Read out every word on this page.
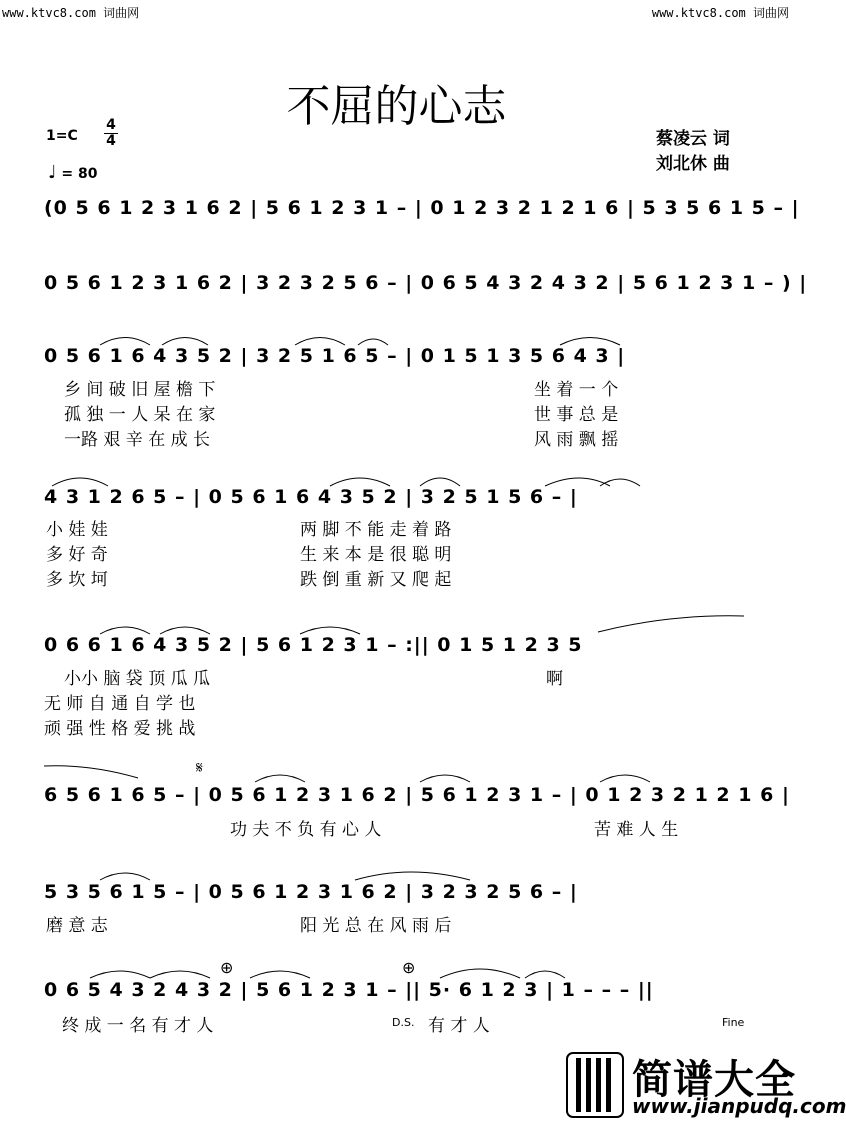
www.ktvc8.com 词曲网	www.ktvc8.com 词曲网
不屈的心志
1=C
4
4
♩ = 80
蔡凌云 词
刘北休 曲
(0 5 6 1 2 3 1 6 2 | 5 6 1 2 3 1 – | 0 1 2 3 2 1 2 1 6 | 5 3 5 6 1 5 – |
0 5 6 1 2 3 1 6 2 | 3 2 3 2 5 6 – | 0 6 5 4 3 2 4 3 2 | 5 6 1 2 3 1 – ) |
0 5 6 1 6 4 3 5 2 | 3 2 5 1 6 5 – | 0 1 5 1 3 5 6 4 3 |
4 3 1 2 6 5 – | 0 5 6 1 6 4 3 5 2 | 3 2 5 1 5 6 – |
0 6 6 1 6 4 3 5 2 | 5 6 1 2 3 1 – :|| 0 1 5 1 2 3 5
6 5 6 1 6 5 – | 0 5 6 1 2 3 1 6 2 | 5 6 1 2 3 1 – | 0 1 2 3 2 1 2 1 6 |
5 3 5 6 1 5 – | 0 5 6 1 2 3 1 6 2 | 3 2 3 2 5 6 – |
0 6 5 4 3 2 4 3 2 | 5 6 1 2 3 1 – || 5· 6 1 2 3 | 1 – – – ||
乡 间 破 旧 屋 檐 下	坐 着 一 个
孤 独 一 人 呆 在 家	世 事 总 是
一路 艰 辛 在 成 长	风 雨 飘 摇
小 娃 娃	两 脚 不 能 走 着 路
多 好 奇	生 来 本 是 很 聪 明
多 坎 坷	跌 倒 重 新 又 爬 起
小小 脑 袋 顶 瓜 瓜	啊
无 师 自 通 自 学 也
顽 强 性 格 爱 挑 战
功 夫 不 负 有 心 人	苦 难 人 生
磨 意 志	阳 光 总 在 风 雨 后
终 成 一 名 有 才 人	有 才 人
𝄋
⊕	⊕
D.S.	Fine
简谱大全
www.jianpudq.com
